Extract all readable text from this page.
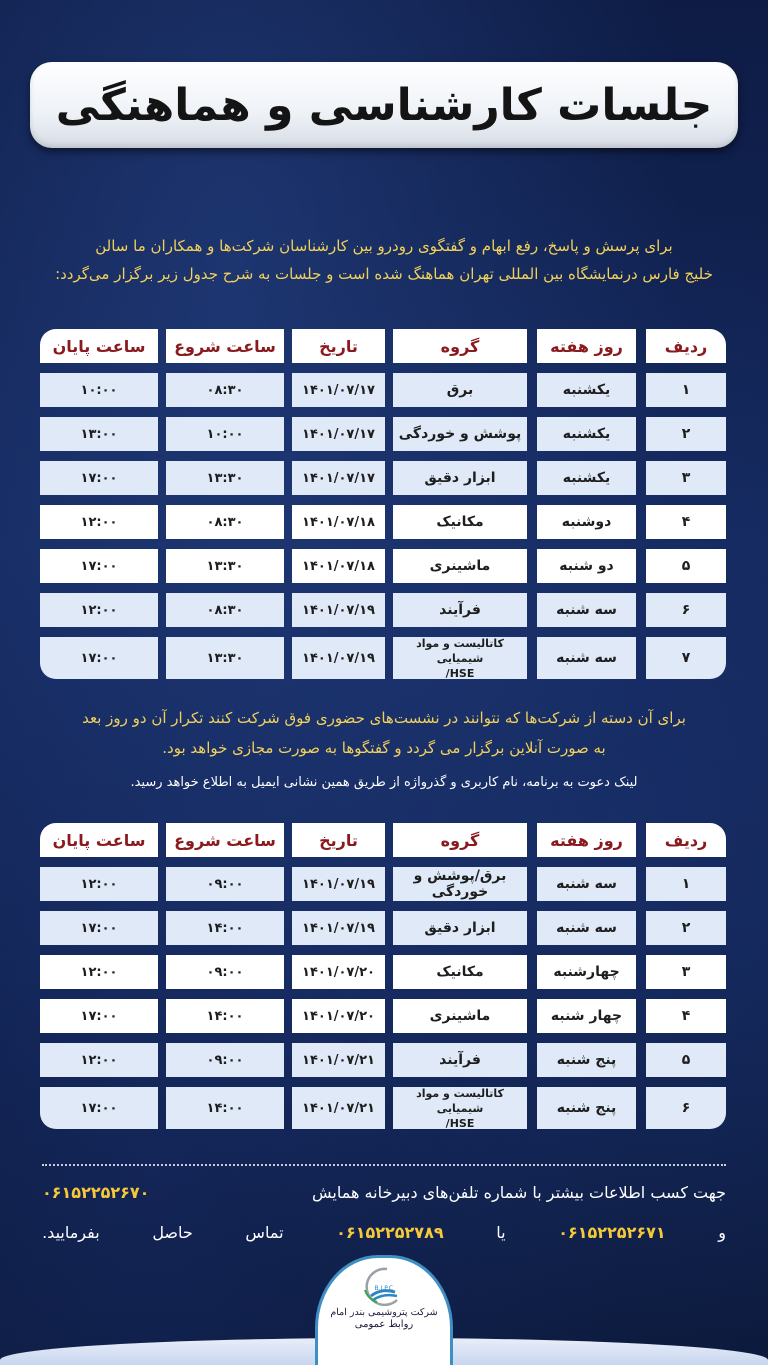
جلسات کارشناسی و هماهنگی
برای پرسش و پاسخ، رفع ابهام و گفتگوی رودرو بین کارشناسان شرکت‌ها و همکاران ما سالن
خلیج فارس درنمایشگاه بین المللی تهران هماهنگ شده است و جلسات به شرح جدول زیر برگزار می‌گردد:
ردیف
روز هفته
گروه
تاریخ
ساعت شروع
ساعت پایان
۱
یکشنبه
برق
۱۴۰۱/۰۷/۱۷
۰۸:۳۰
۱۰:۰۰
۲
یکشنبه
پوشش و خوردگی
۱۴۰۱/۰۷/۱۷
۱۰:۰۰
۱۳:۰۰
۳
یکشنبه
ابزار دقیق
۱۴۰۱/۰۷/۱۷
۱۳:۳۰
۱۷:۰۰
۴
دوشنبه
مکانیک
۱۴۰۱/۰۷/۱۸
۰۸:۳۰
۱۲:۰۰
۵
دو شنبه
ماشینری
۱۴۰۱/۰۷/۱۸
۱۳:۳۰
۱۷:۰۰
۶
سه شنبه
فرآیند
۱۴۰۱/۰۷/۱۹
۰۸:۳۰
۱۲:۰۰
۷
سه شنبه
کاتالیست و مواد شیمیایی
HSE/
۱۴۰۱/۰۷/۱۹
۱۳:۳۰
۱۷:۰۰
برای آن دسته از شرکت‌ها که نتوانند در نشست‌های حضوری فوق شرکت کنند تکرار آن دو روز بعد
به صورت آنلاین برگزار می گردد و گفتگوها به صورت مجازی خواهد بود.
لینک دعوت به برنامه، نام کاربری و گذرواژه از طریق همین نشانی ایمیل به اطلاع خواهد رسید.
ردیف
روز هفته
گروه
تاریخ
ساعت شروع
ساعت پایان
۱
سه شنبه
برق/پوشش و خوردگی
۱۴۰۱/۰۷/۱۹
۰۹:۰۰
۱۲:۰۰
۲
سه شنبه
ابزار دقیق
۱۴۰۱/۰۷/۱۹
۱۴:۰۰
۱۷:۰۰
۳
چهارشنبه
مکانیک
۱۴۰۱/۰۷/۲۰
۰۹:۰۰
۱۲:۰۰
۴
چهار شنبه
ماشینری
۱۴۰۱/۰۷/۲۰
۱۴:۰۰
۱۷:۰۰
۵
پنج شنبه
فرآیند
۱۴۰۱/۰۷/۲۱
۰۹:۰۰
۱۲:۰۰
۶
پنج شنبه
کاتالیست و مواد شیمیایی
HSE/
۱۴۰۱/۰۷/۲۱
۱۴:۰۰
۱۷:۰۰
جهت کسب اطلاعات بیشتر با شماره تلفن‌های دبیرخانه همایش
۰۶۱۵۲۲۵۲۶۷۰
و
۰۶۱۵۲۲۵۲۶۷۱
یا
۰۶۱۵۲۲۵۲۷۸۹
تماس
حاصل
بفرمایید.
B.I.P.C
شرکت پتروشیمی بندر امام
روابط عمومی
